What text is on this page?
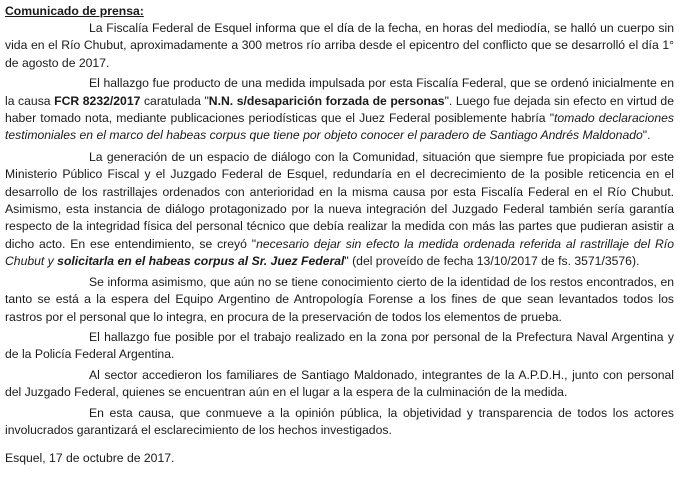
Comunicado de prensa:

La Fiscalía Federal de Esquel informa que el día de la fecha, en horas del mediodía, se halló un cuerpo sin vida en el Río Chubut, aproximadamente a 300 metros río arriba desde el epicentro del conflicto que se desarrolló el día 1° de agosto de 2017.

El hallazgo fue producto de una medida impulsada por esta Fiscalía Federal, que se ordenó inicialmente en la causa FCR 8232/2017 caratulada "N.N. s/desaparición forzada de personas". Luego fue dejada sin efecto en virtud de haber tomado nota, mediante publicaciones periodísticas que el Juez Federal posiblemente habría "tomado declaraciones testimoniales en el marco del habeas corpus que tiene por objeto conocer el paradero de Santiago Andrés Maldonado".

La generación de un espacio de diálogo con la Comunidad, situación que siempre fue propiciada por este Ministerio Público Fiscal y el Juzgado Federal de Esquel, redundaría en el decrecimiento de la posible reticencia en el desarrollo de los rastrillajes ordenados con anterioridad en la misma causa por esta Fiscalía Federal en el Río Chubut. Asimismo, esta instancia de diálogo protagonizado por la nueva integración del Juzgado Federal también sería garantía respecto de la integridad física del personal técnico que debía realizar la medida con más las partes que pudieran asistir a dicho acto. En ese entendimiento, se creyó "necesario dejar sin efecto la medida ordenada referida al rastrillaje del Río Chubut y solicitarla en el habeas corpus al Sr. Juez Federal" (del proveído de fecha 13/10/2017 de fs. 3571/3576).

Se informa asimismo, que aún no se tiene conocimiento cierto de la identidad de los restos encontrados, en tanto se está a la espera del Equipo Argentino de Antropología Forense a los fines de que sean levantados todos los rastros por el personal que lo integra, en procura de la preservación de todos los elementos de prueba.

El hallazgo fue posible por el trabajo realizado en la zona por personal de la Prefectura Naval Argentina y de la Policía Federal Argentina.

Al sector accedieron los familiares de Santiago Maldonado, integrantes de la A.P.D.H., junto con personal del Juzgado Federal, quienes se encuentran aún en el lugar a la espera de la culminación de la medida.

En esta causa, que conmueve a la opinión pública, la objetividad y transparencia de todos los actores involucrados garantizará el esclarecimiento de los hechos investigados.

Esquel, 17 de octubre de 2017.
